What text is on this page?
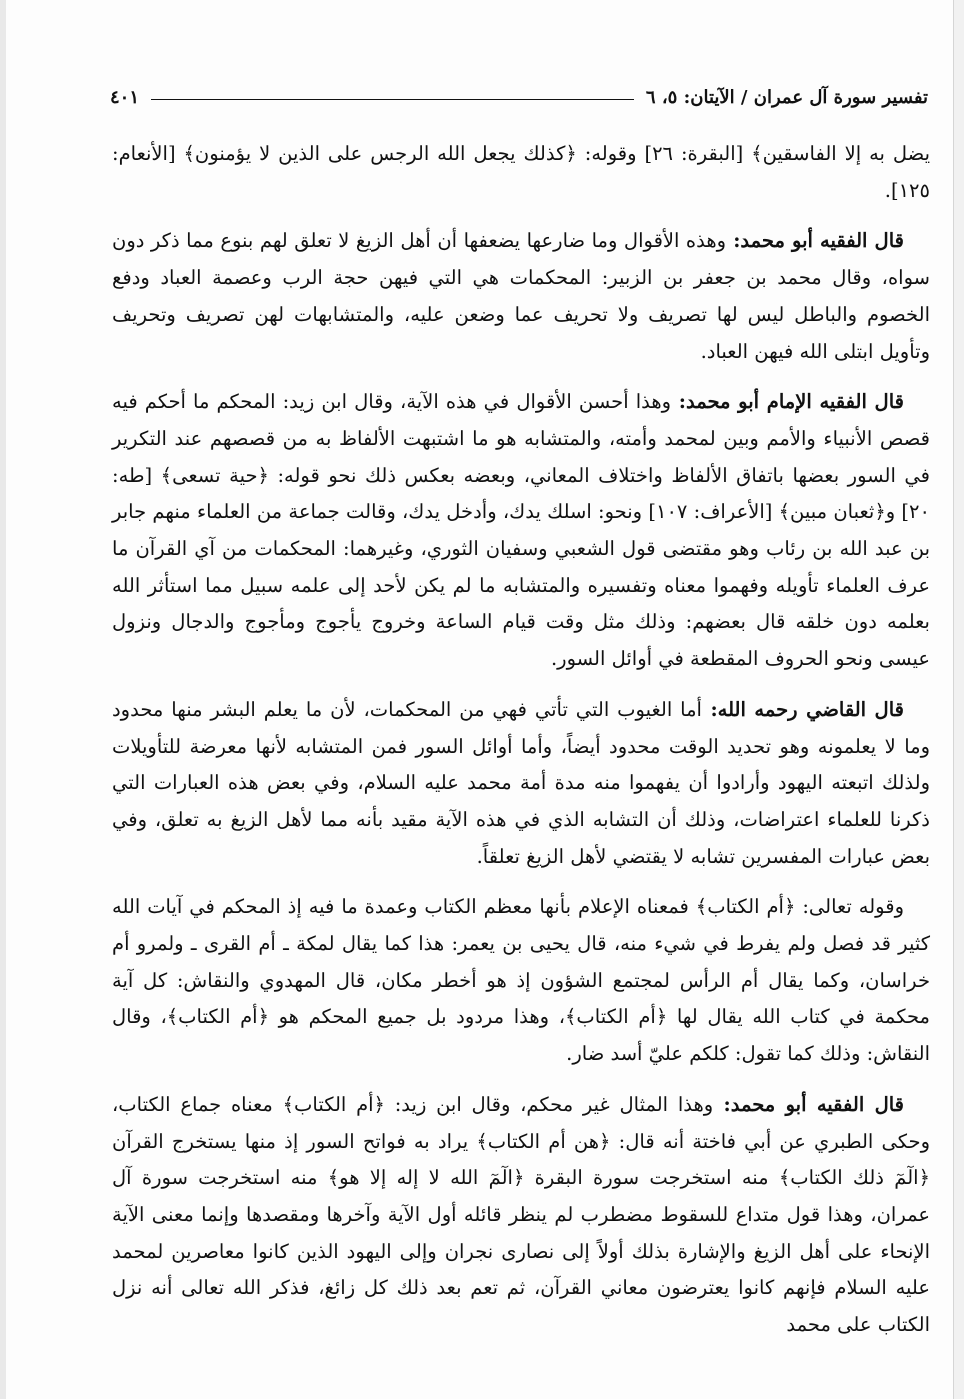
تفسير سورة آل عمران / الآيتان: ٥، ٦
٤٠١

يضل به إلا الفاسقين﴾ [البقرة: ٢٦] وقوله: ﴿كذلك يجعل الله الرجس على الذين لا يؤمنون﴾ [الأنعام: ١٢٥].

قال الفقيه أبو محمد:وهذه الأقوال وما ضارعها يضعفها أن أهل الزيغ لا تعلق لهم بنوع مما ذكر دون سواه، وقال محمد بن جعفر بن الزبير: المحكمات هي التي فيهن حجة الرب وعصمة العباد ودفع الخصوم والباطل ليس لها تصريف ولا تحريف عما وضعن عليه، والمتشابهات لهن تصريف وتحريف وتأويل ابتلى الله فيهن العباد.

قال الفقيه الإمام أبو محمد:وهذا أحسن الأقوال في هذه الآية، وقال ابن زيد: المحكم ما أحكم فيه قصص الأنبياء والأمم وبين لمحمد وأمته، والمتشابه هو ما اشتبهت الألفاظ به من قصصهم عند التكرير في السور بعضها باتفاق الألفاظ واختلاف المعاني، وبعضه بعكس ذلك نحو قوله: ﴿حية تسعى﴾ [طه: ٢٠] و﴿ثعبان مبين﴾ [الأعراف: ١٠٧] ونحو: اسلك يدك، وأدخل يدك، وقالت جماعة من العلماء منهم جابر بن عبد الله بن رئاب وهو مقتضى قول الشعبي وسفيان الثوري، وغيرهما: المحكمات من آي القرآن ما عرف العلماء تأويله وفهموا معناه وتفسيره والمتشابه ما لم يكن لأحد إلى علمه سبيل مما استأثر الله بعلمه دون خلقه قال بعضهم: وذلك مثل وقت قيام الساعة وخروج يأجوج ومأجوج والدجال ونزول عيسى ونحو الحروف المقطعة في أوائل السور.

قال القاضي رحمه الله:أما الغيوب التي تأتي فهي من المحكمات، لأن ما يعلم البشر منها محدود وما لا يعلمونه وهو تحديد الوقت محدود أيضاً، وأما أوائل السور فمن المتشابه لأنها معرضة للتأويلات ولذلك اتبعته اليهود وأرادوا أن يفهموا منه مدة أمة محمد عليه السلام، وفي بعض هذه العبارات التي ذكرنا للعلماء اعتراضات، وذلك أن التشابه الذي في هذه الآية مقيد بأنه مما لأهل الزيغ به تعلق، وفي بعض عبارات المفسرين تشابه لا يقتضي لأهل الزيغ تعلقاً.

وقوله تعالى: ﴿أم الكتاب﴾ فمعناه الإعلام بأنها معظم الكتاب وعمدة ما فيه إذ المحكم في آيات الله كثير قد فصل ولم يفرط في شيء منه، قال يحيى بن يعمر: هذا كما يقال لمكة ـ أم القرى ـ ولمرو أم خراسان، وكما يقال أم الرأس لمجتمع الشؤون إذ هو أخطر مكان، قال المهدوي والنقاش: كل آية محكمة في كتاب الله يقال لها ﴿أم الكتاب﴾، وهذا مردود بل جميع المحكم هو ﴿أم الكتاب﴾، وقال النقاش: وذلك كما تقول: كلكم عليّ أسد ضار.

قال الفقيه أبو محمد:وهذا المثال غير محكم، وقال ابن زيد: ﴿أم الكتاب﴾ معناه جماع الكتاب، وحكى الطبري عن أبي فاختة أنه قال: ﴿هن أم الكتاب﴾ يراد به فواتح السور إذ منها يستخرج القرآن ﴿الٓمٓ ذلك الكتاب﴾ منه استخرجت سورة البقرة ﴿الٓمٓ الله لا إله إلا هو﴾ منه استخرجت سورة آل عمران، وهذا قول متداع للسقوط مضطرب لم ينظر قائله أول الآية وآخرها ومقصدها وإنما معنى الآية الإنحاء على أهل الزيغ والإشارة بذلك أولاً إلى نصارى نجران وإلى اليهود الذين كانوا معاصرين لمحمد عليه السلام فإنهم كانوا يعترضون معاني القرآن، ثم تعم بعد ذلك كل زائغ، فذكر الله تعالى أنه نزل الكتاب على محمد
